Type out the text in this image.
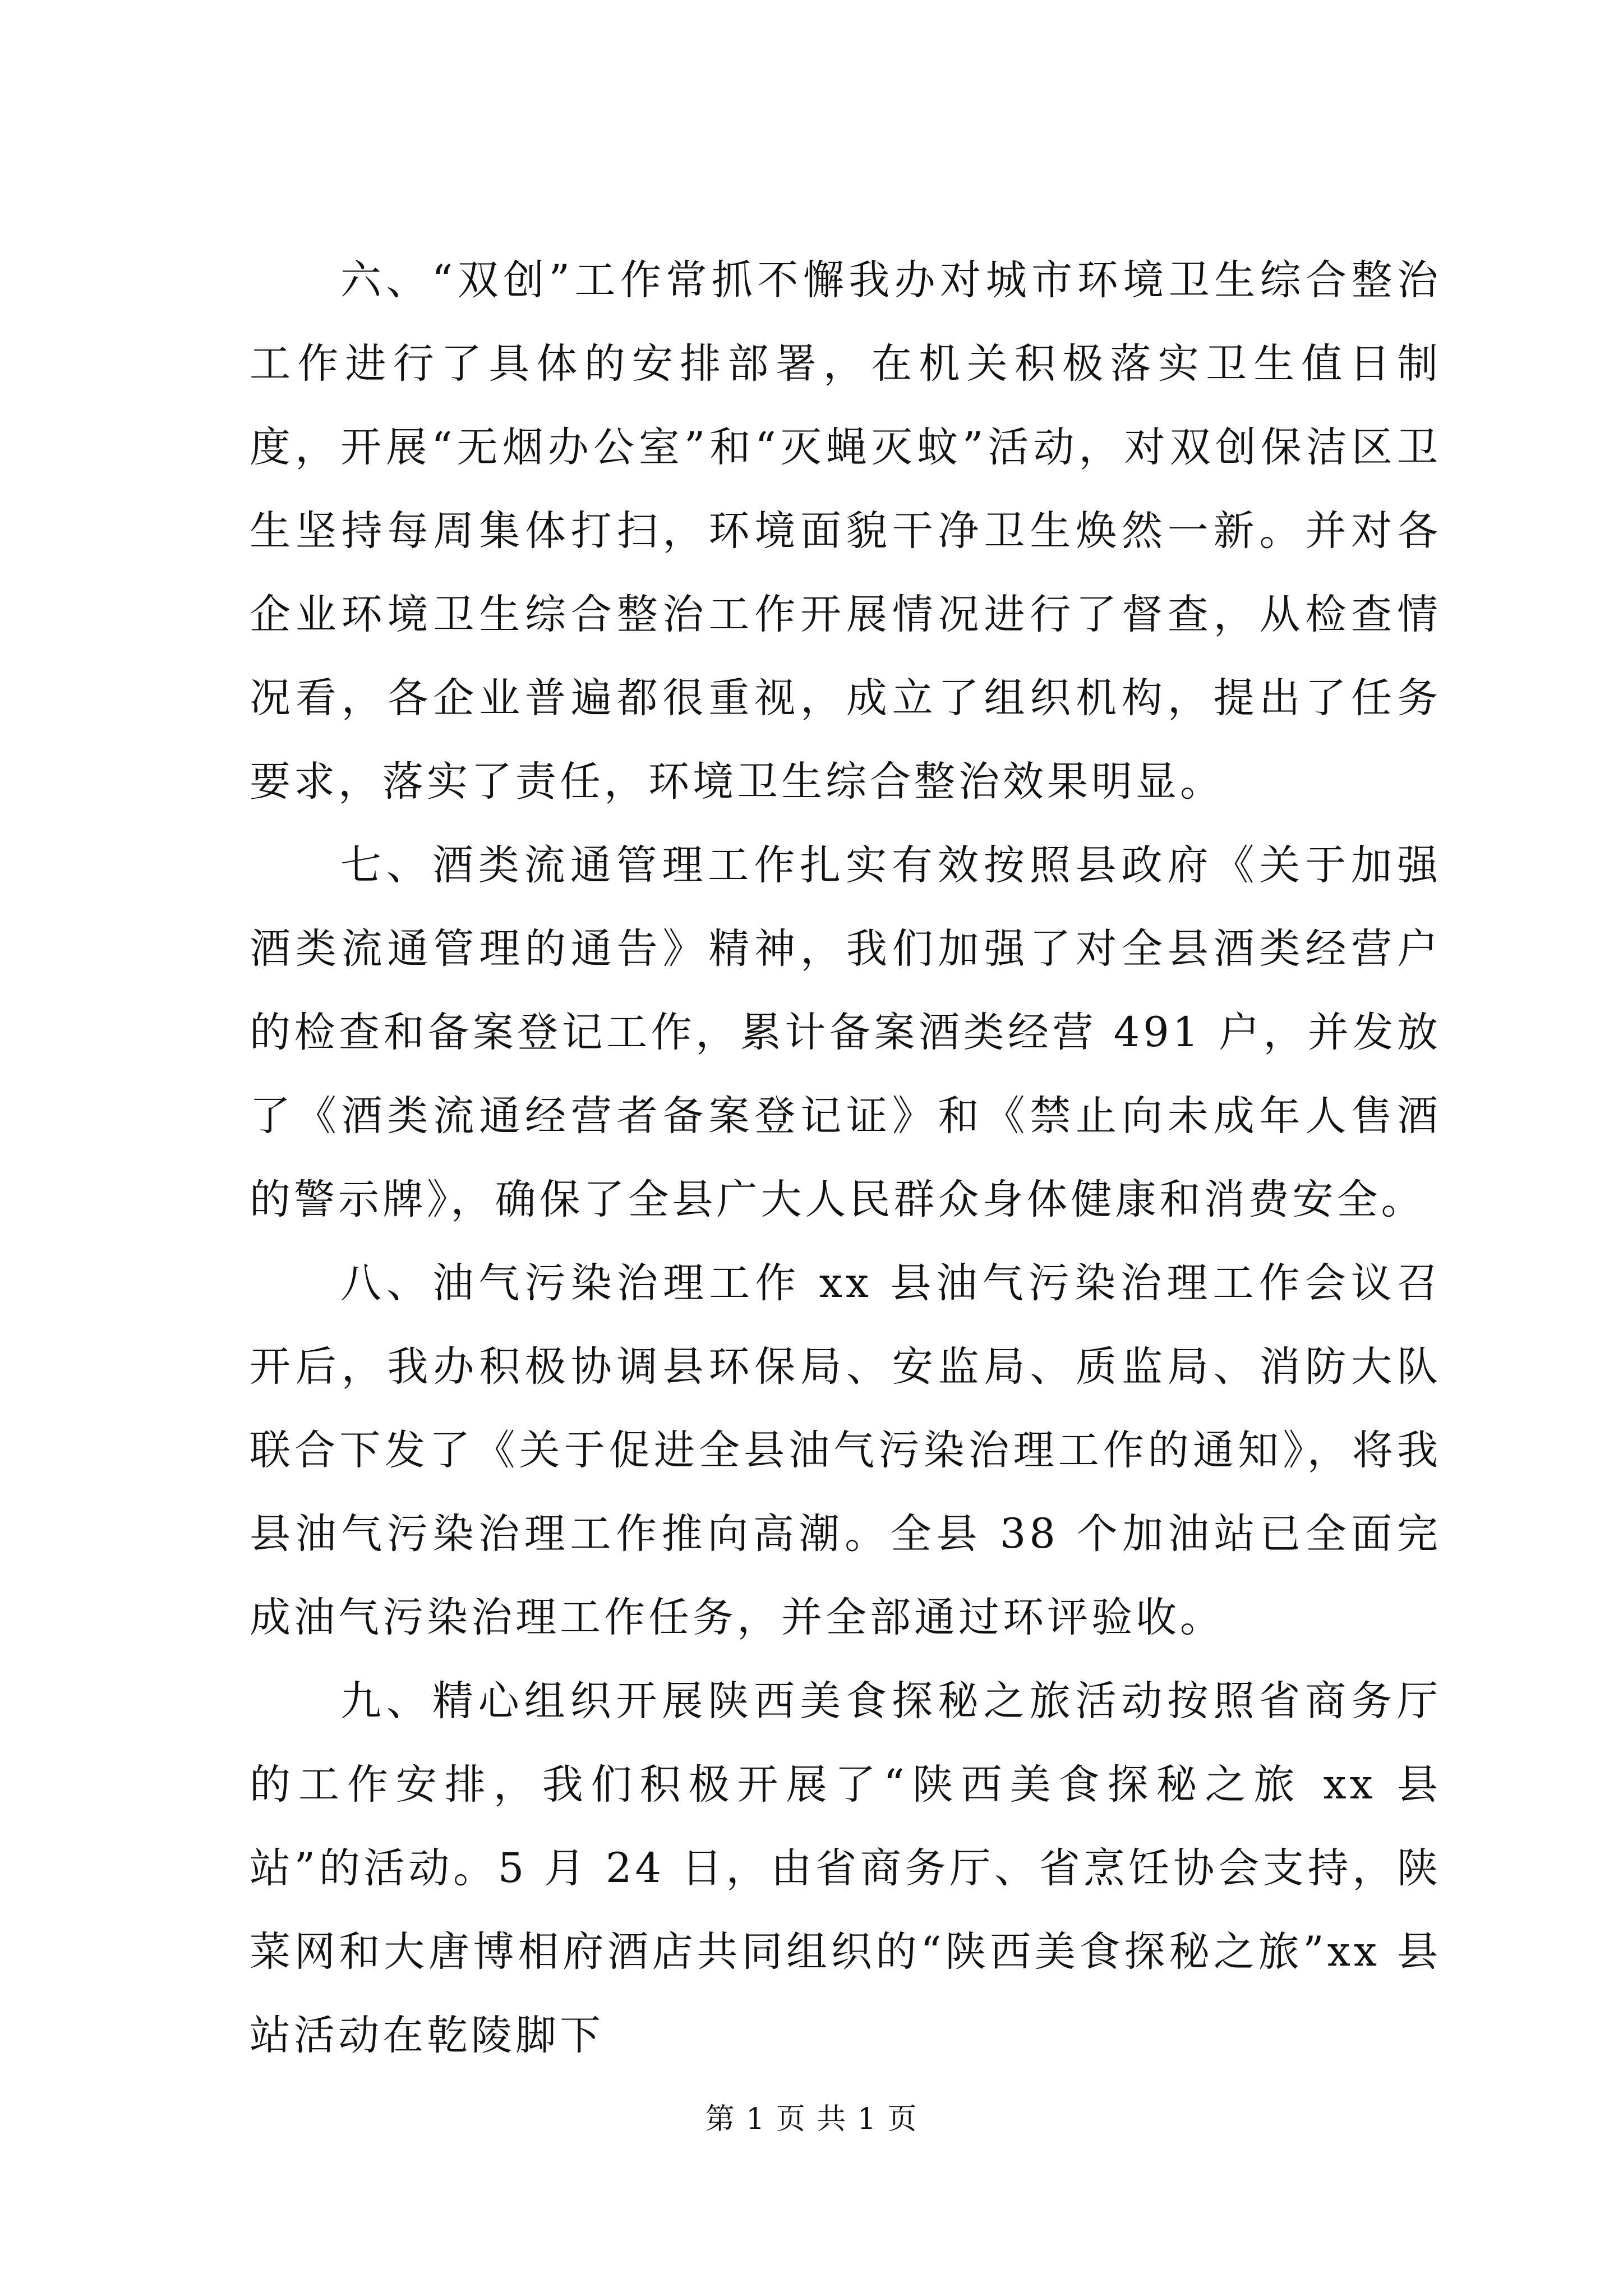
六、“双创”工作常抓不懈我办对城市环境卫生综合整治工作进行了具体的安排部署，在机关积极落实卫生值日制度，开展“无烟办公室”和“灭蝇灭蚊”活动，对双创保洁区卫生坚持每周集体打扫，环境面貌干净卫生焕然一新。并对各企业环境卫生综合整治工作开展情况进行了督查，从检查情况看，各企业普遍都很重视，成立了组织机构，提出了任务要求，落实了责任，环境卫生综合整治效果明显。

七、酒类流通管理工作扎实有效按照县政府《关于加强酒类流通管理的通告》精神，我们加强了对全县酒类经营户的检查和备案登记工作，累计备案酒类经营 491 户，并发放了《酒类流通经营者备案登记证》和《禁止向未成年人售酒的警示牌》，确保了全县广大人民群众身体健康和消费安全。

八、油气污染治理工作 xx 县油气污染治理工作会议召开后，我办积极协调县环保局、安监局、质监局、消防大队联合下发了《关于促进全县油气污染治理工作的通知》，将我县油气污染治理工作推向高潮。全县 38 个加油站已全面完成油气污染治理工作任务，并全部通过环评验收。

九、精心组织开展陕西美食探秘之旅活动按照省商务厅的工作安排，我们积极开展了“陕西美食探秘之旅 xx 县站”的活动。5 月 24 日，由省商务厅、省烹饪协会支持，陕菜网和大唐博相府酒店共同组织的“陕西美食探秘之旅”xx 县站活动在乾陵脚下

第 1 页 共 1 页
